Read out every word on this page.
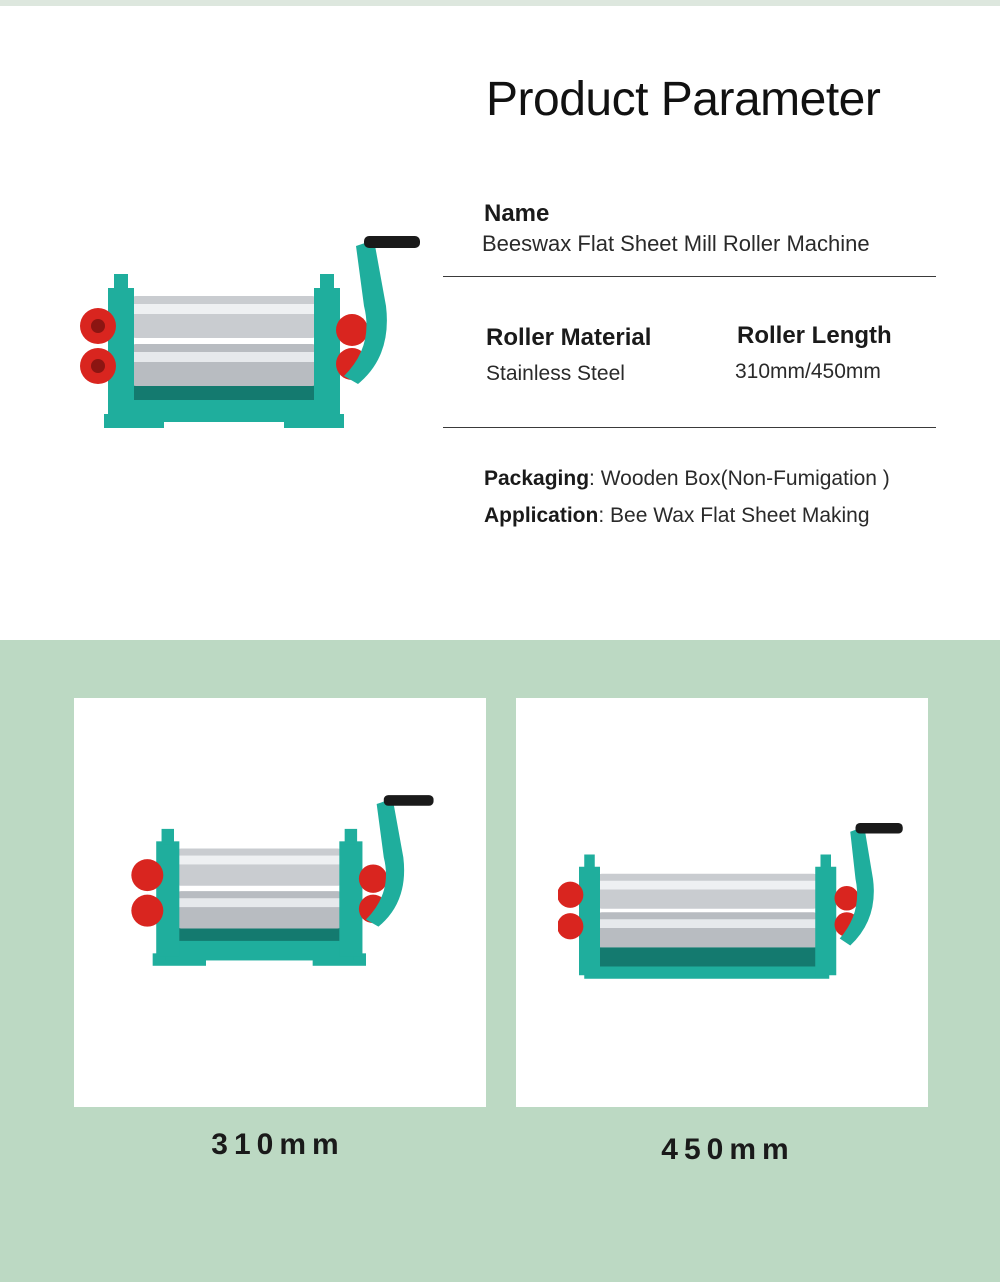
Product Parameter
Name
Beeswax Flat Sheet Mill Roller Machine
Roller Material
Stainless Steel
Roller Length
310mm/450mm
Packaging: Wooden Box(Non-Fumigation )
Application: Bee Wax Flat Sheet Making
310mm	450mm
